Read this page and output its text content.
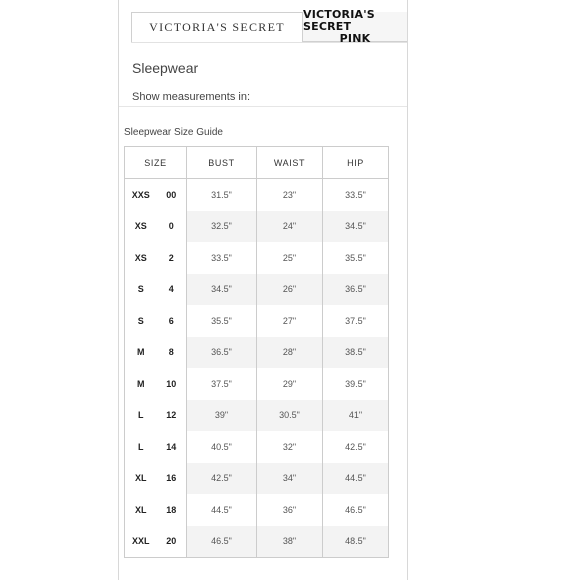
VICTORIA'S SECRET
VICTORIA'S SECRET
PINK
Sleepwear
Show measurements in:
Sleepwear Size Guide
SIZE		BUST	WAIST	HIP
XXS	00	31.5"	23"	33.5"
XS	0	32.5"	24"	34.5"
XS	2	33.5"	25"	35.5"
S	4	34.5"	26"	36.5"
S	6	35.5"	27"	37.5"
M	8	36.5"	28"	38.5"
M	10	37.5"	29"	39.5"
L	12	39"	30.5"	41"
L	14	40.5"	32"	42.5"
XL	16	42.5"	34"	44.5"
XL	18	44.5"	36"	46.5"
XXL	20	46.5"	38"	48.5"
